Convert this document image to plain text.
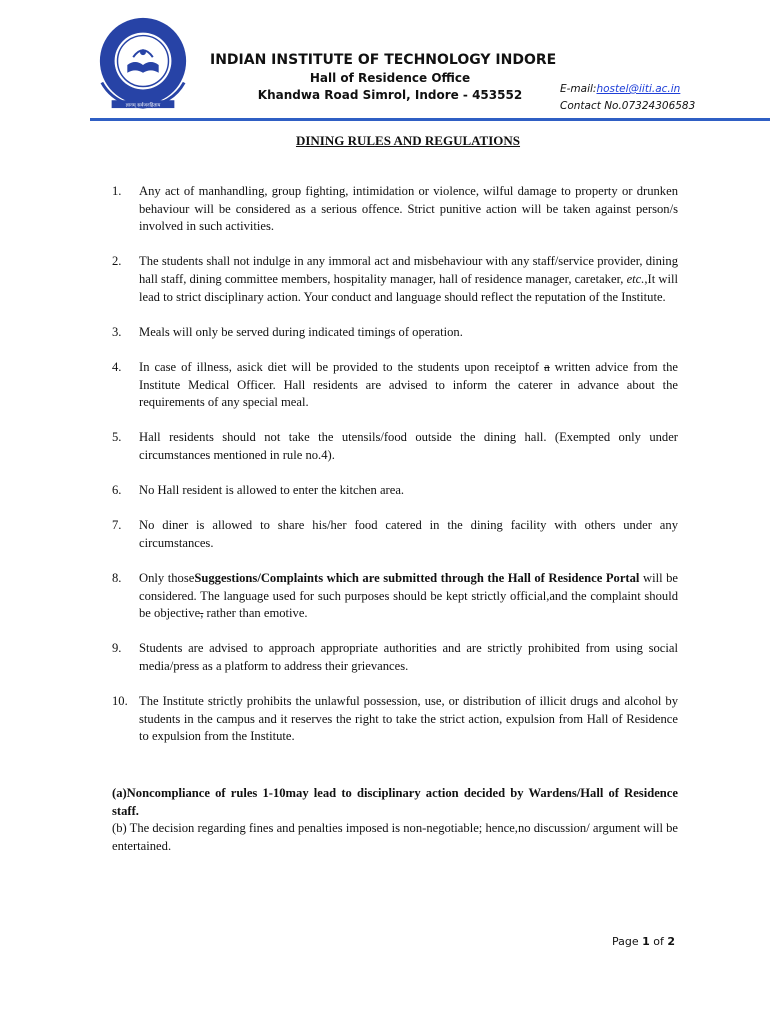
ज्ञानम् सर्वजनहिताय
INDIAN INSTITUTE OF TECHNOLOGY INDORE
Hall of Residence Office
Khandwa Road Simrol, Indore - 453552	E-mail:hostel@iiti.ac.in
Contact No.07324306583
DINING RULES AND REGULATIONS
1.	Any act of manhandling, group fighting, intimidation or violence, wilful damage to property or drunken behaviour will be considered as a serious offence. Strict punitive action will be taken against person/s involved in such activities.
2.	The students shall not indulge in any immoral act and misbehaviour with any staff/service provider, dining hall staff, dining committee members, hospitality manager, hall of residence manager, caretaker, etc.,It will lead to strict disciplinary action. Your conduct and language should reflect the reputation of the Institute.
3.	Meals will only be served during indicated timings of operation.
4.	In case of illness, asick diet will be provided to the students upon receiptof a written advice from the Institute Medical Officer. Hall residents are advised to inform the caterer in advance about the requirements of any special meal.
5.	Hall residents should not take the utensils/food outside the dining hall. (Exempted only under circumstances mentioned in rule no.4).
6.	No Hall resident is allowed to enter the kitchen area.
7.	No diner is allowed to share his/her food catered in the dining facility with others under any circumstances.
8.	Only thoseSuggestions/Complaints which are submitted through the Hall of Residence Portal will be considered. The language used for such purposes should be kept strictly official,and the complaint should be objective, rather than emotive.
9.	Students are advised to approach appropriate authorities and are strictly prohibited from using social media/press as a platform to address their grievances.
10. The Institute strictly prohibits the unlawful possession, use, or distribution of illicit drugs and alcohol by students in the campus and it reserves the right to take the strict action, expulsion from Hall of Residence to expulsion from the Institute.
(a)Noncompliance of rules 1-10may lead to disciplinary action decided by Wardens/Hall of Residence staff.
(b) The decision regarding fines and penalties imposed is non-negotiable; hence,no discussion/ argument will be entertained.
Page 1 of 2
